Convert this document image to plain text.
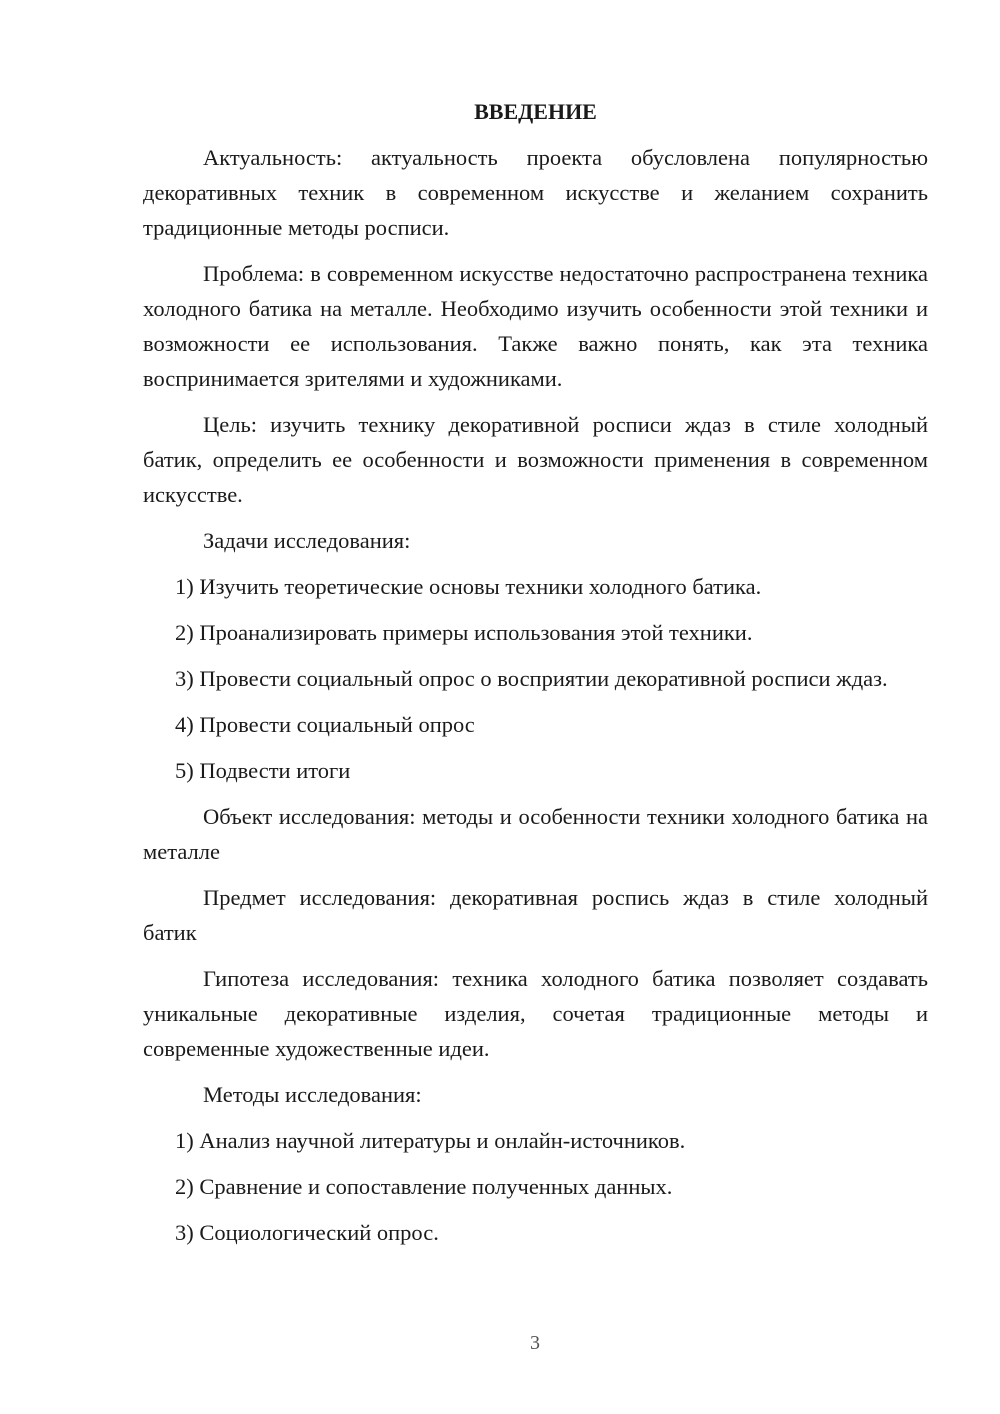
ВВЕДЕНИЕ

Актуальность: актуальность проекта обусловлена популярностью декоративных техник в современном искусстве и желанием сохранить традиционные методы росписи.

Проблема: в современном искусстве недостаточно распространена техника холодного батика на металле. Необходимо изучить особенности этой техники и возможности ее использования. Также важно понять, как эта техника воспринимается зрителями и художниками.

Цель: изучить технику декоративной росписи ждаз в стиле холодный батик, определить ее особенности и возможности применения в современном искусстве.

Задачи исследования:

1) Изучить теоретические основы техники холодного батика.

2) Проанализировать примеры использования этой техники.

3) Провести социальный опрос о восприятии декоративной росписи ждаз.

4) Провести социальный опрос

5) Подвести итоги

Объект исследования: методы и особенности техники холодного батика на металле

Предмет исследования: декоративная роспись ждаз в стиле холодный батик

Гипотеза исследования: техника холодного батика позволяет создавать уникальные декоративные изделия, сочетая традиционные методы и современные художественные идеи.

Методы исследования:

1) Анализ научной литературы и онлайн-источников.

2) Сравнение и сопоставление полученных данных.

3) Социологический опрос.

3
